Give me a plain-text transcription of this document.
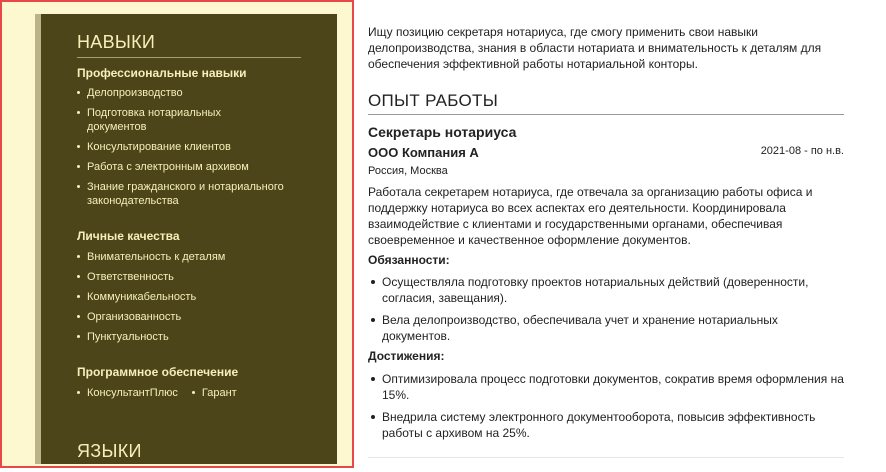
НАВЫКИ
Профессиональные навыки
Делопроизводство
Подготовка нотариальных документов
Консультирование клиентов
Работа с электронным архивом
Знание гражданского и нотариального законодательства
Личные качества
Внимательность к деталям
Ответственность
Коммуникабельность
Организованность
Пунктуальность
Программное обеспечение
КонсультантПлюс	Гарант
ЯЗЫКИ

Ищу позицию секретаря нотариуса, где смогу применить свои навыки делопроизводства, знания в области нотариата и внимательность к деталям для обеспечения эффективной работы нотариальной конторы.

ОПЫТ РАБОТЫ
Секретарь нотариуса
ООО Компания А	2021-08 - по н.в.
Россия, Москва

Работала секретарем нотариуса, где отвечала за организацию работы офиса и поддержку нотариуса во всех аспектах его деятельности. Координировала взаимодействие с клиентами и государственными органами, обеспечивая своевременное и качественное оформление документов.

Обязанности:
Осуществляла подготовку проектов нотариальных действий (доверенности, согласия, завещания).
Вела делопроизводство, обеспечивала учет и хранение нотариальных документов.
Достижения:
Оптимизировала процесс подготовки документов, сократив время оформления на 15%.
Внедрила систему электронного документооборота, повысив эффективность работы с архивом на 25%.
